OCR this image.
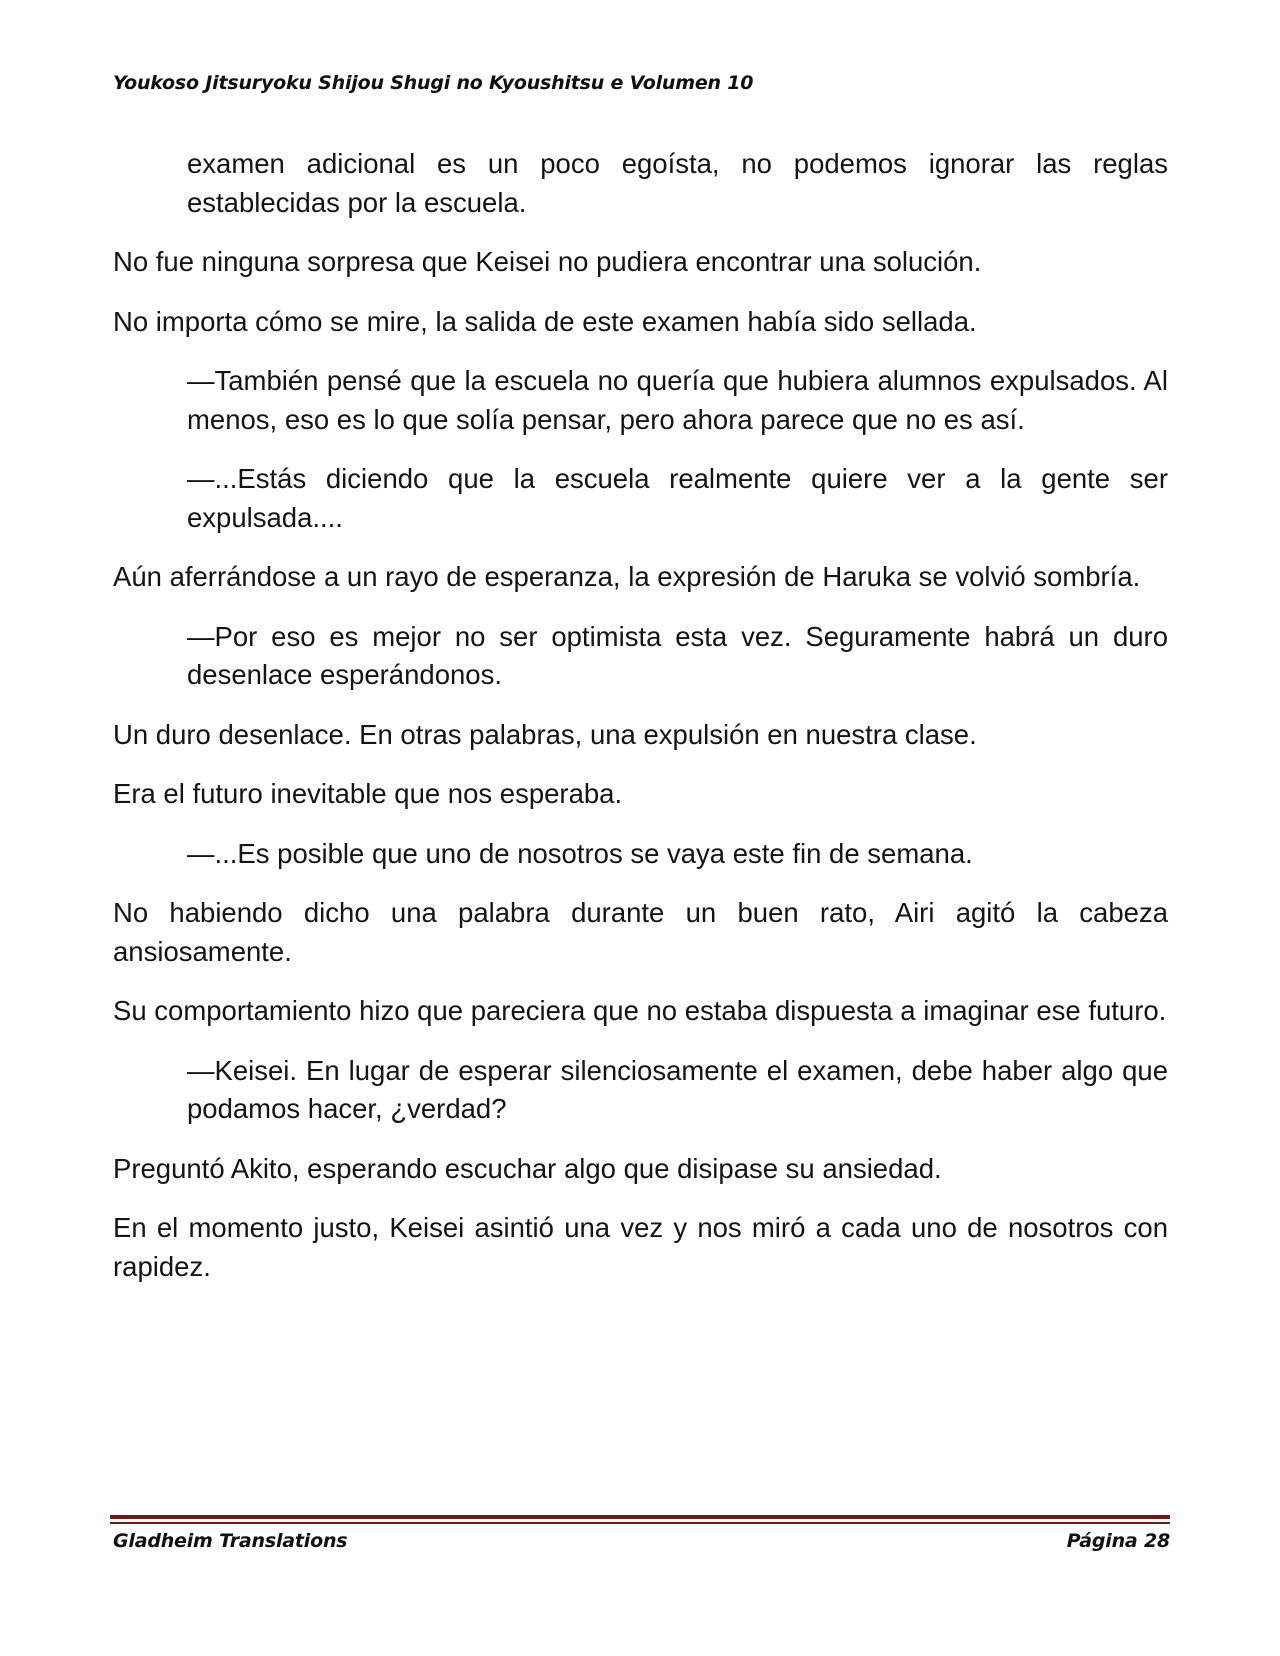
Youkoso Jitsuryoku Shijou Shugi no Kyoushitsu e Volumen 10

examen adicional es un poco egoísta, no podemos ignorar las reglas establecidas por la escuela.

No fue ninguna sorpresa que Keisei no pudiera encontrar una solución.

No importa cómo se mire, la salida de este examen había sido sellada.

—También pensé que la escuela no quería que hubiera alumnos expulsados. Al menos, eso es lo que solía pensar, pero ahora parece que no es así.

—...Estás diciendo que la escuela realmente quiere ver a la gente ser expulsada....

Aún aferrándose a un rayo de esperanza, la expresión de Haruka se volvió sombría.

—Por eso es mejor no ser optimista esta vez. Seguramente habrá un duro desenlace esperándonos.

Un duro desenlace. En otras palabras, una expulsión en nuestra clase.

Era el futuro inevitable que nos esperaba.

—...Es posible que uno de nosotros se vaya este fin de semana.

No habiendo dicho una palabra durante un buen rato, Airi agitó la cabeza ansiosamente.

Su comportamiento hizo que pareciera que no estaba dispuesta a imaginar ese futuro.

—Keisei. En lugar de esperar silenciosamente el examen, debe haber algo que podamos hacer, ¿verdad?

Preguntó Akito, esperando escuchar algo que disipase su ansiedad.

En el momento justo, Keisei asintió una vez y nos miró a cada uno de nosotros con rapidez.

Gladheim Translations	Página 28
